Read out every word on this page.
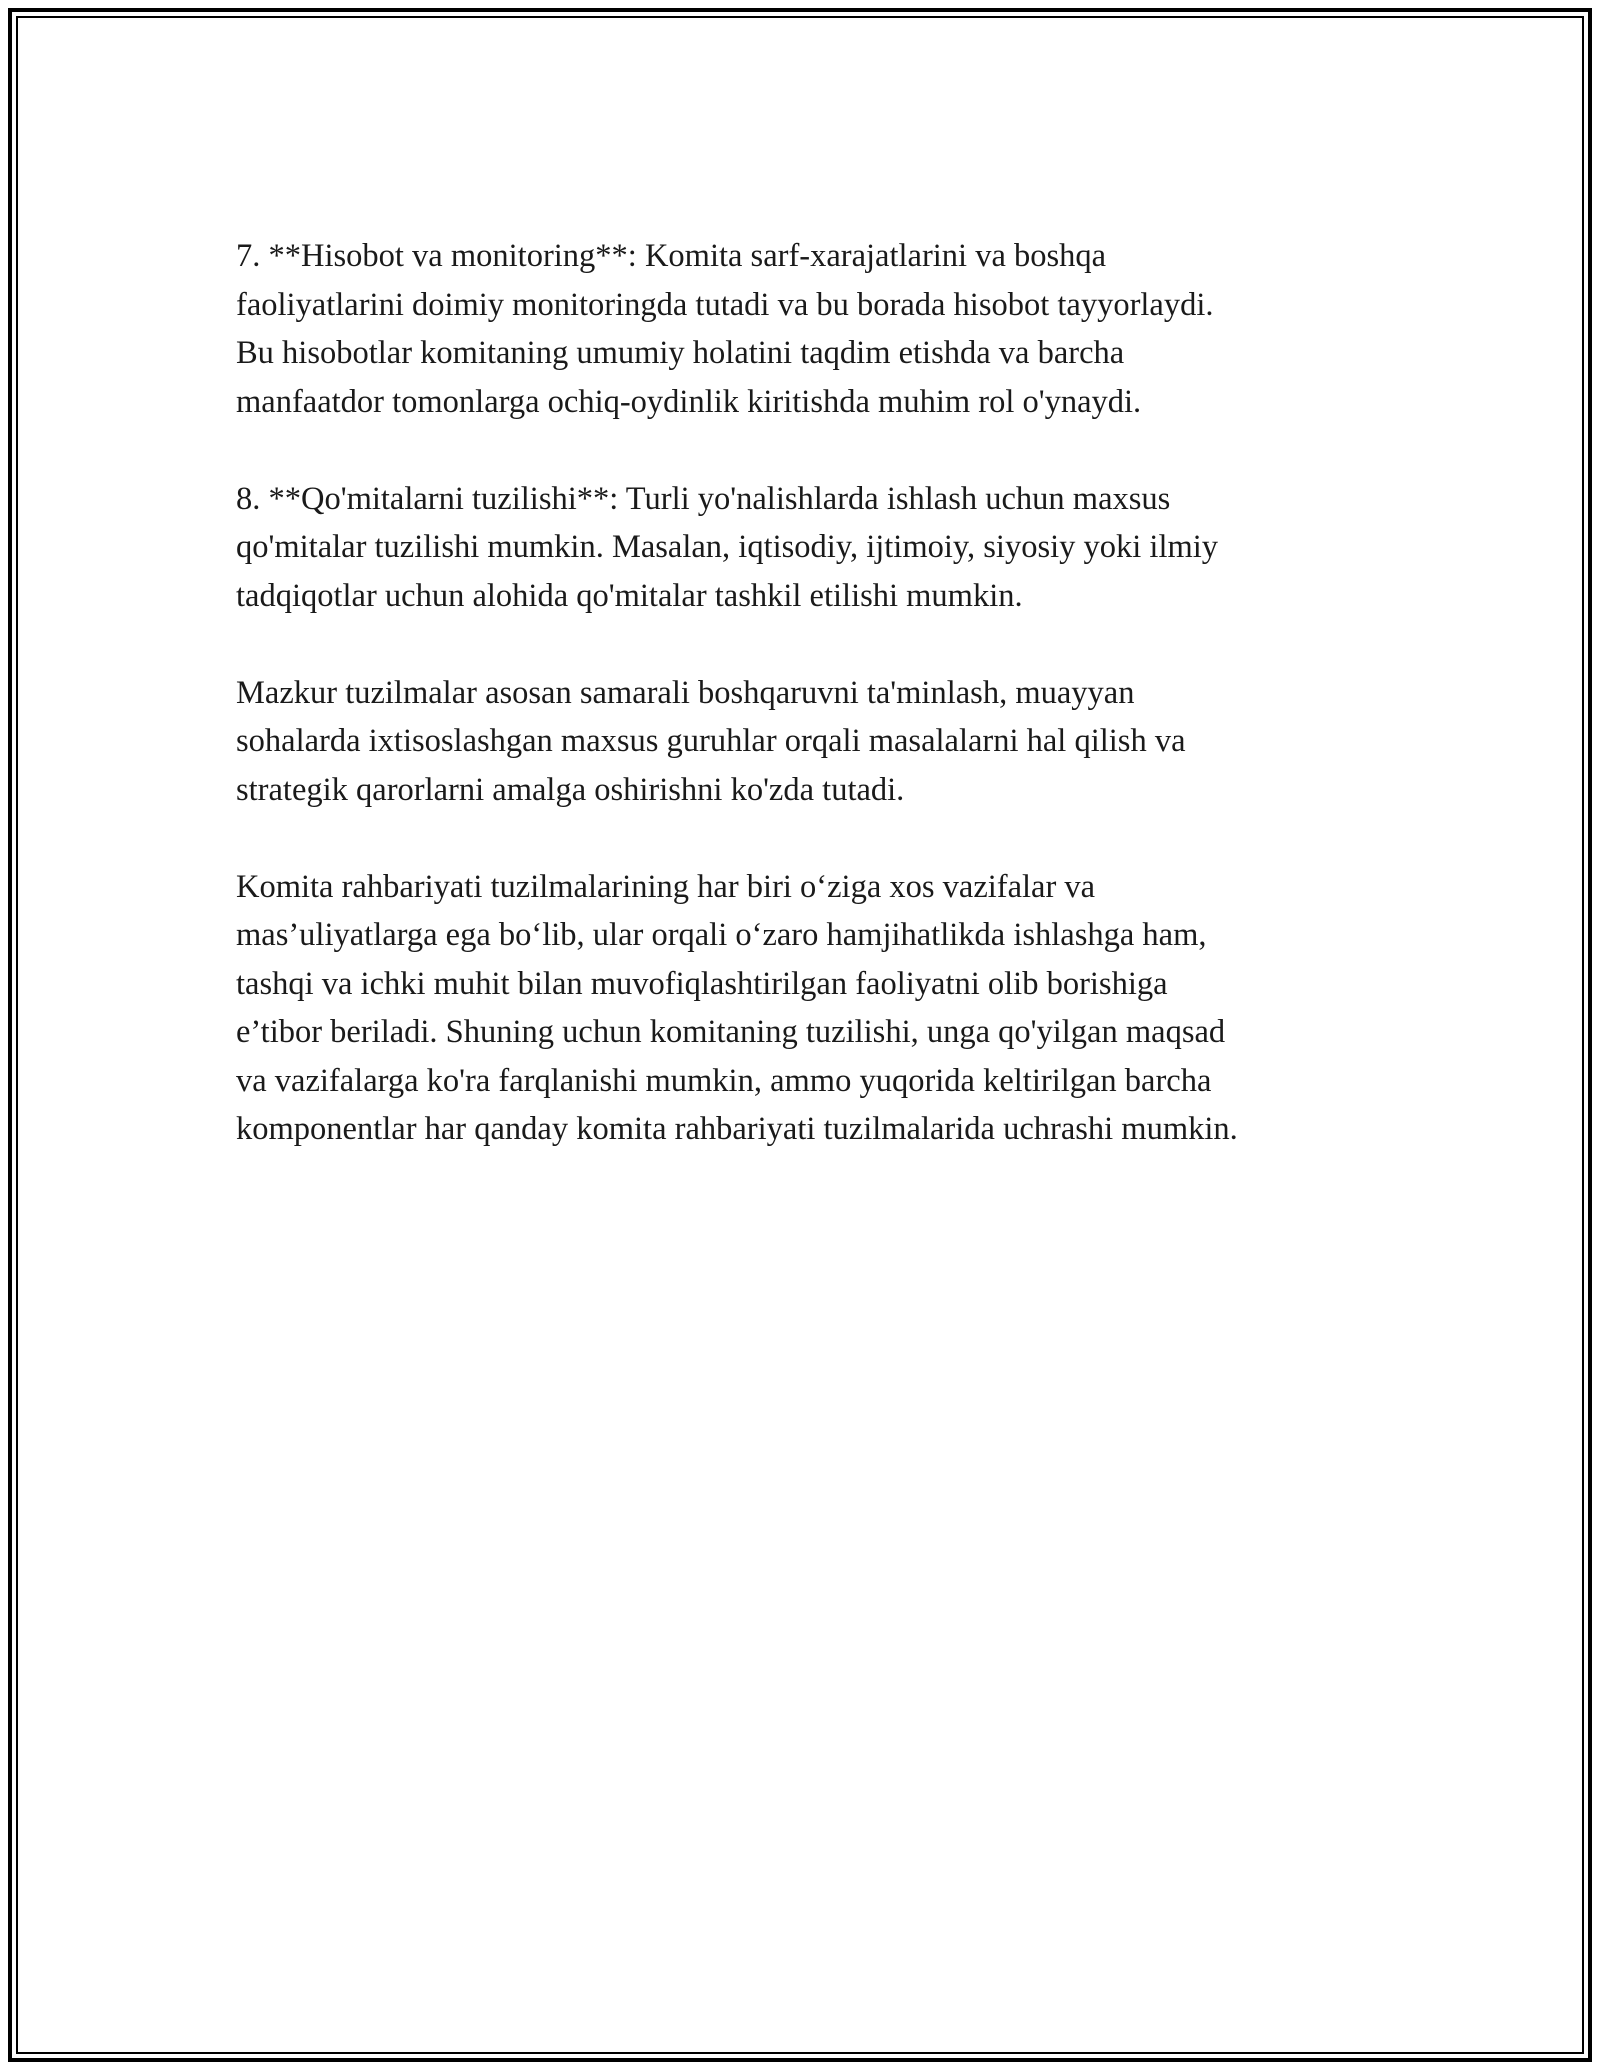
7. **Hisobot va monitoring**: Komita sarf-xarajatlarini va boshqa
faoliyatlarini doimiy monitoringda tutadi va bu borada hisobot tayyorlaydi.
Bu hisobotlar komitaning umumiy holatini taqdim etishda va barcha
manfaatdor tomonlarga ochiq-oydinlik kiritishda muhim rol o'ynaydi.

8. **Qo'mitalarni tuzilishi**: Turli yo'nalishlarda ishlash uchun maxsus
qo'mitalar tuzilishi mumkin. Masalan, iqtisodiy, ijtimoiy, siyosiy yoki ilmiy
tadqiqotlar uchun alohida qo'mitalar tashkil etilishi mumkin.

Mazkur tuzilmalar asosan samarali boshqaruvni ta'minlash, muayyan
sohalarda ixtisoslashgan maxsus guruhlar orqali masalalarni hal qilish va
strategik qarorlarni amalga oshirishni ko'zda tutadi.

Komita rahbariyati tuzilmalarining har biri o‘ziga xos vazifalar va
mas’uliyatlarga ega bo‘lib, ular orqali o‘zaro hamjihatlikda ishlashga ham,
tashqi va ichki muhit bilan muvofiqlashtirilgan faoliyatni olib borishiga
e’tibor beriladi. Shuning uchun komitaning tuzilishi, unga qo'yilgan maqsad
va vazifalarga ko'ra farqlanishi mumkin, ammo yuqorida keltirilgan barcha
komponentlar har qanday komita rahbariyati tuzilmalarida uchrashi mumkin.
